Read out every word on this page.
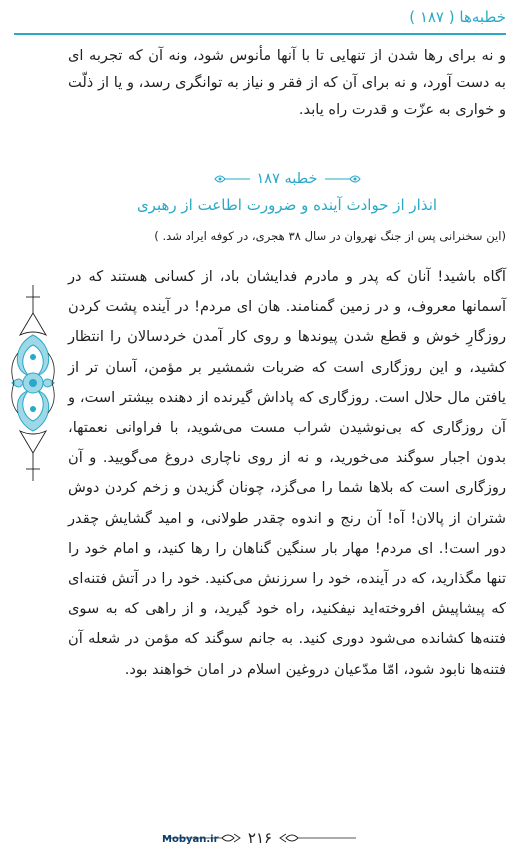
خطبه‌ها ( ۱۸۷ )

و نه برای رها شدن از تنهایی تا با آنها مأنوس شود، ونه آن که تجربه ای به دست آورد، و نه برای آن که از فقر و نیاز به توانگری رسد، و یا از ذلّت و خواری به عزّت و قدرت راه یابد.

خطبه ۱۸۷

انذار از حوادث آینده و ضرورت اطاعت از رهبری

(این سخنرانی پس از جنگ نهروان در سال ۳۸ هجری، در کوفه ایراد شد. )

آگاه باشید! آنان که پدر و مادرم فدایشان باد، از کسانی هستند که در آسمانها معروف، و در زمین گمنامند. هان ای مردم! در آینده پشت کردن روزگارِ خوش و قطع شدن پیوندها و روی کار آمدن خردسالان را انتظار کشید، و این روزگاری است که ضربات شمشیر بر مؤمن، آسان تر از یافتن مال حلال است. روزگاری که پاداش گیرنده از دهنده بیشتر است، و آن روزگاری که بی‌نوشیدن شراب مست می‌شوید، با فراوانی نعمتها، بدون اجبار سوگند می‌خورید، و نه از روی ناچاری دروغ می‌گویید. و آن روزگاری است که بلاها شما را می‌گزد، چونان گزیدن و زخم کردن دوش شتران از پالان! آه! آن رنج و اندوه چقدر طولانی، و امید گشایش چقدر دور است!. ای مردم! مهار بار سنگین گناهان را رها کنید، و امام خود را تنها مگذارید، که در آینده، خود را سرزنش می‌کنید. خود را در آتش فتنه‌ای که پیشاپیش افروخته‌اید نیفکنید، راه خود گیرید، و از راهی که به سوی فتنه‌ها کشانده می‌شود دوری کنید. به جانم سوگند که مؤمن در شعله آن فتنه‌ها نابود شود، امّا مدّعیان دروغین اسلام در امان خواهند بود.

۲۱۶
Mobyan.ir
